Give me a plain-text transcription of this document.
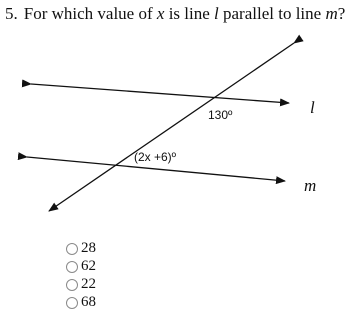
5. For which value of x is line l parallel to line m?
130º
(2x +6)º
l
m
28
62
22
68
